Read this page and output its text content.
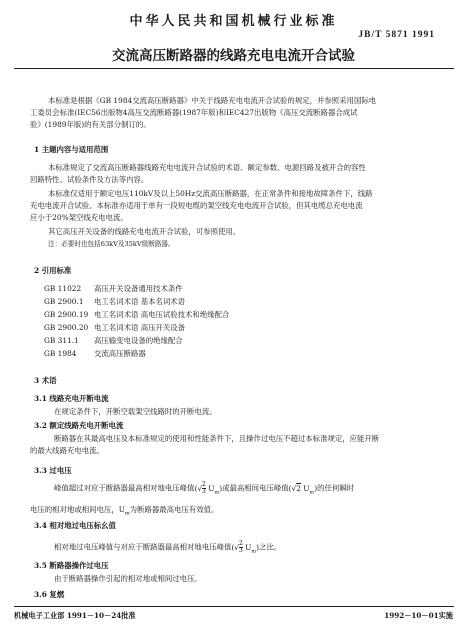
中华人民共和国机械行业标准
JB/T 5871 1991
交流高压断路器的线路充电电流开合试验
本标准是根据《GB 1984交流高压断路器》中关于线路充电电流开合试验的规定，并参照采用国际电
工委员会标准(IEC56出版物4高压交流断路器(1987年版)和IEC427出版物《高压交流断路器合成试
验》(1989年版)的有关部分制订的。
1 主题内容与适用范围
本标准规定了交流高压断路器线路充电电流开合试验的术语、额定参数、电源回路及被开合的容性
回路特性、试验条件及方法等内容。
本标准仅适用于额定电压110kV及以上50Hz交流高压断路器，在正常条件和接地故障条件下，线路
充电电流开合试验。本标准亦适用于单有一段短电缆的架空线充电电流开合试验，但其电缆总充电电流
应小于20%架空线充电电流。
其它高压开关设备的线路充电电流开合试验，可参照使用。
注：必要时也包括63kV及35kV级断路器。
2 引用标准
GB 11022 高压开关设备通用技术条件
GB 2900.1 电工名词术语 基本名词术语
GB 2900.19 电工名词术语 高电压试验技术和绝缘配合
GB 2900.20 电工名词术语 高压开关设备
GB 311.1 高压输变电设备的绝缘配合
GB 1984 交流高压断路器
3 术语
3.1 线路充电开断电流
在规定条件下，开断空载架空线路时的开断电流。
3.2 额定线路充电开断电流
断路器在其最高电压及本标准规定的使用和性能条件下，且操作过电压不超过本标准规定，应能开断
的最大线路充电电流。
3.3 过电压
峰值超过对应于断路器最高相对地电压峰值(√ $\frac{2}{3} U_m$)或最高相间电压峰值(√2 $U_m$)的任何瞬时
电压的相对地或相间电压，$U_m$为断路器最高电压有效值。
3.4 相对地过电压标幺值
相对地过电压峰值与对应于断路器最高相对地电压峰值(√ $\frac{2}{3} U_m$)之比。
3.5 断路器操作过电压
由于断路器操作引起的相对地或相间过电压。
3.6 复燃
机械电子工业部 1991－10－24批准	1992－10－01实施
